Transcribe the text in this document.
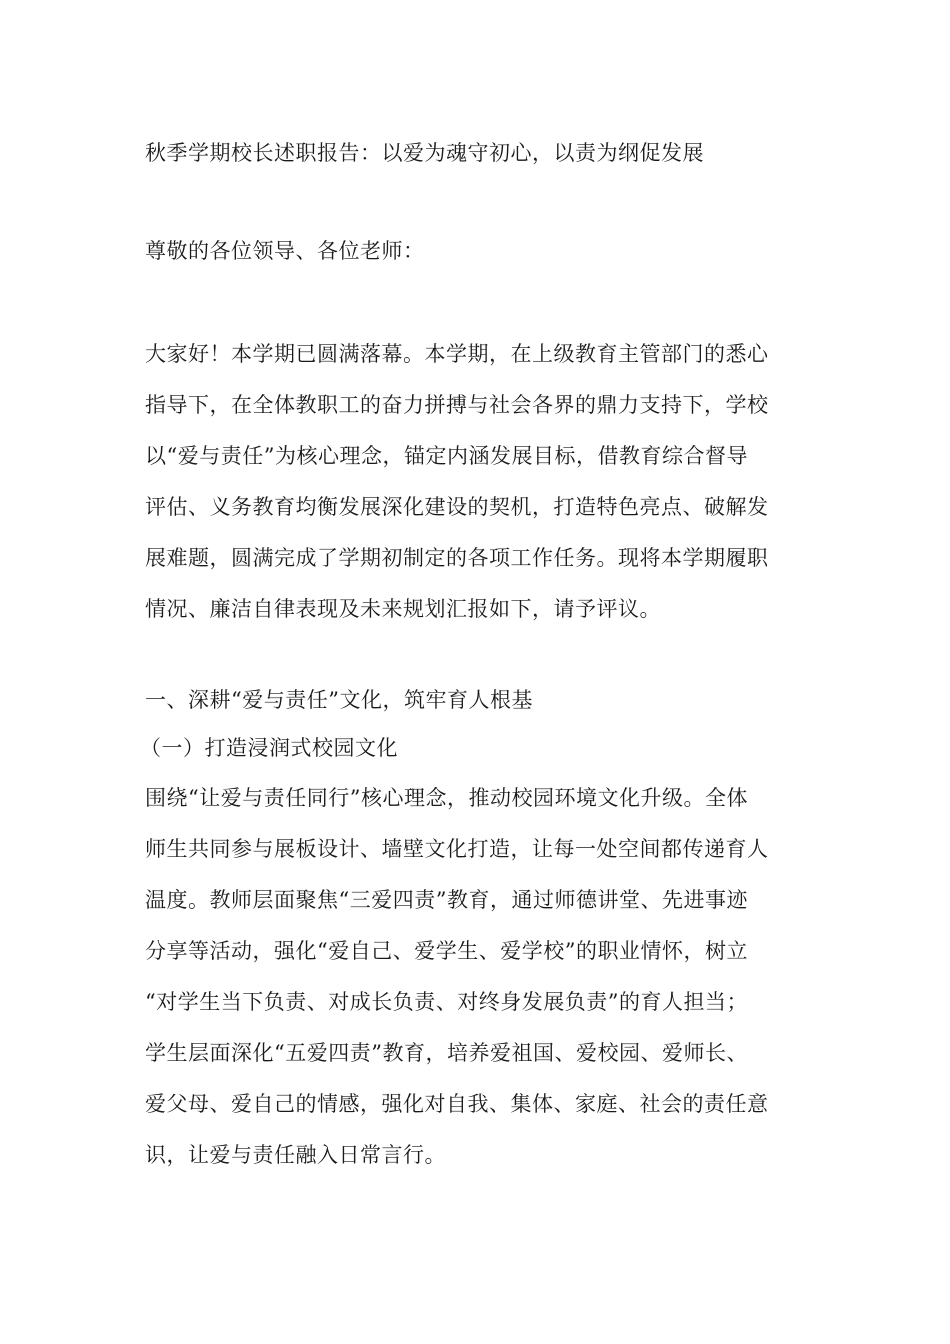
秋季学期校长述职报告：以爱为魂守初心，以责为纲促发展
尊敬的各位领导、各位老师：
大家好！本学期已圆满落幕。本学期，在上级教育主管部门的悉心
指导下，在全体教职工的奋力拼搏与社会各界的鼎力支持下，学校
以“爱与责任”为核心理念，锚定内涵发展目标，借教育综合督导
评估、义务教育均衡发展深化建设的契机，打造特色亮点、破解发
展难题，圆满完成了学期初制定的各项工作任务。现将本学期履职
情况、廉洁自律表现及未来规划汇报如下，请予评议。
一、深耕“爱与责任”文化，筑牢育人根基
（一）打造浸润式校园文化
围绕“让爱与责任同行”核心理念，推动校园环境文化升级。全体
师生共同参与展板设计、墙壁文化打造，让每一处空间都传递育人
温度。教师层面聚焦“三爱四责”教育，通过师德讲堂、先进事迹
分享等活动，强化“爱自己、爱学生、爱学校”的职业情怀，树立
“对学生当下负责、对成长负责、对终身发展负责”的育人担当；
学生层面深化“五爱四责”教育，培养爱祖国、爱校园、爱师长、
爱父母、爱自己的情感，强化对自我、集体、家庭、社会的责任意
识，让爱与责任融入日常言行。
